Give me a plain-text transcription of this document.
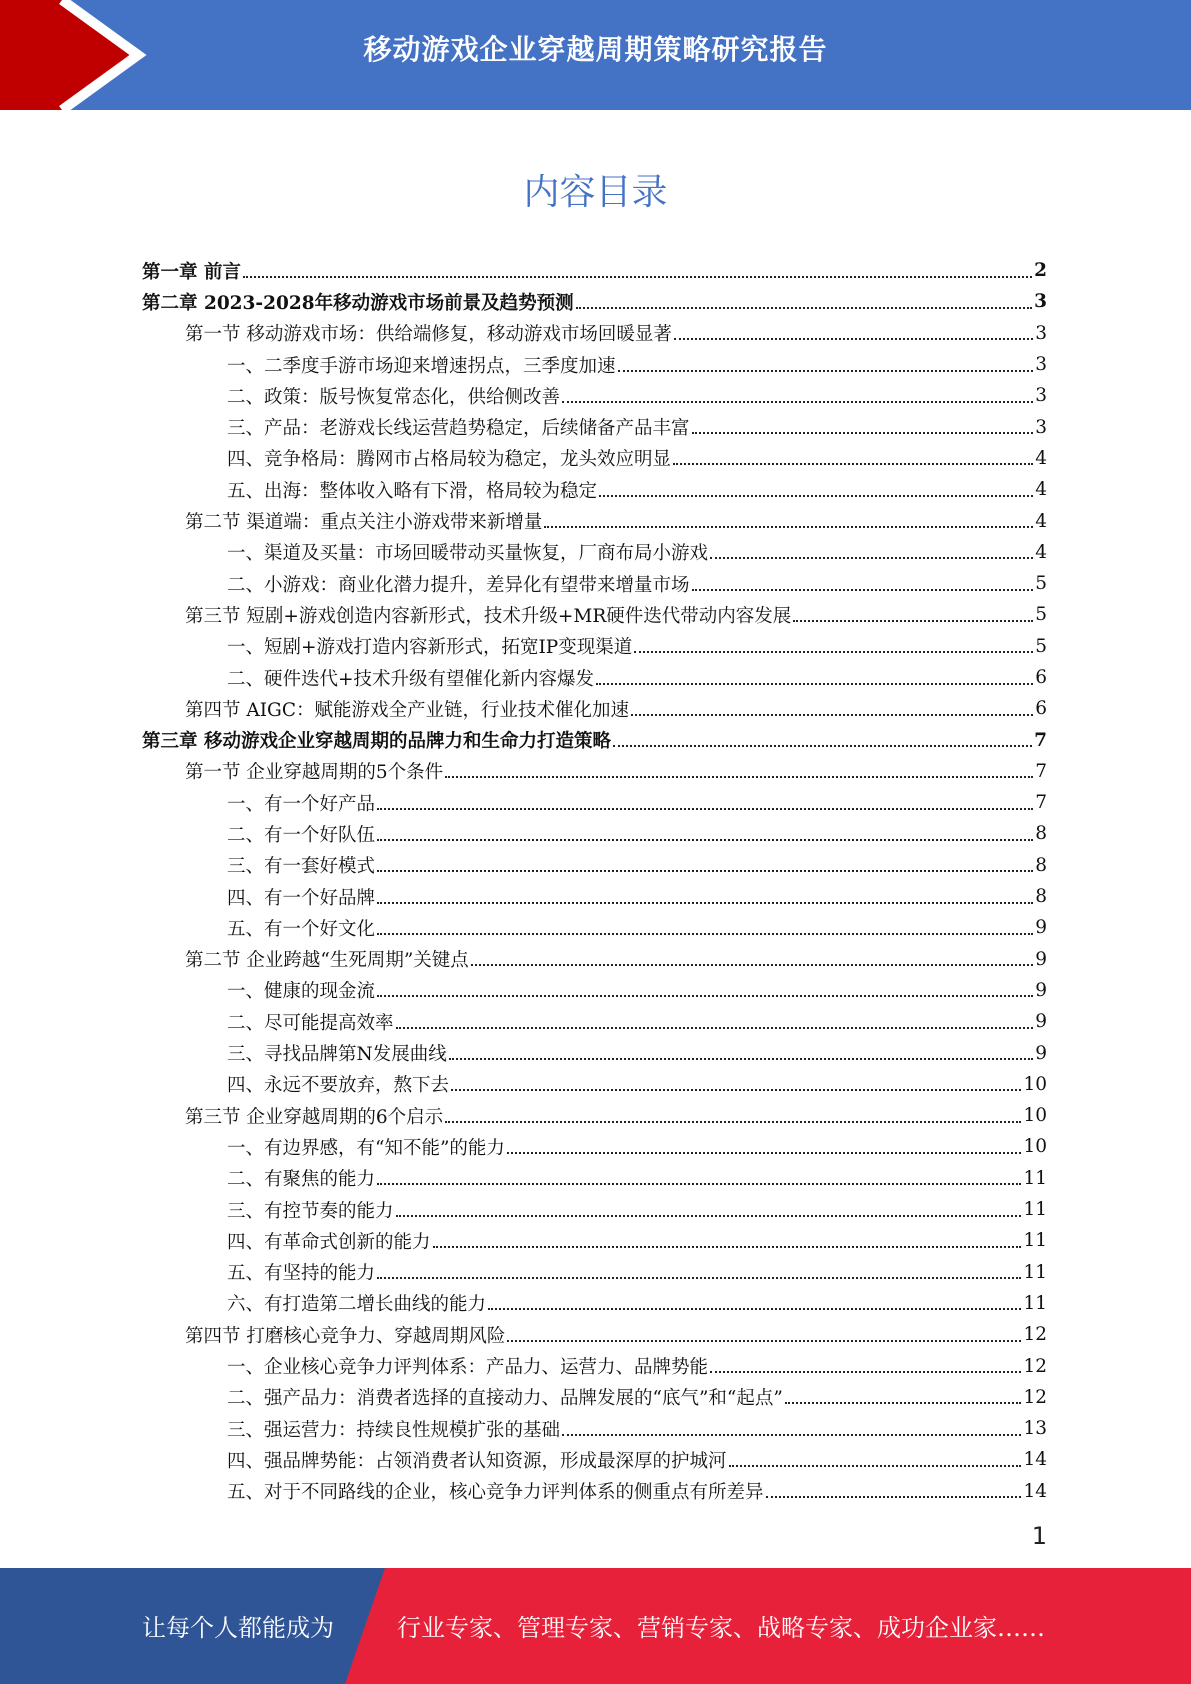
移动游戏企业穿越周期策略研究报告
内容目录
第一章 前言	2
第二章 2023-2028年移动游戏市场前景及趋势预测	3
第一节 移动游戏市场：供给端修复，移动游戏市场回暖显著	3
一、二季度手游市场迎来增速拐点，三季度加速	3
二、政策：版号恢复常态化，供给侧改善	3
三、产品：老游戏长线运营趋势稳定，后续储备产品丰富	3
四、竞争格局：腾网市占格局较为稳定，龙头效应明显	4
五、出海：整体收入略有下滑，格局较为稳定	4
第二节 渠道端：重点关注小游戏带来新增量	4
一、渠道及买量：市场回暖带动买量恢复，厂商布局小游戏	4
二、小游戏：商业化潜力提升，差异化有望带来增量市场	5
第三节 短剧+游戏创造内容新形式，技术升级+MR硬件迭代带动内容发展	5
一、短剧+游戏打造内容新形式，拓宽IP变现渠道	5
二、硬件迭代+技术升级有望催化新内容爆发	6
第四节 AIGC：赋能游戏全产业链，行业技术催化加速	6
第三章 移动游戏企业穿越周期的品牌力和生命力打造策略	7
第一节 企业穿越周期的5个条件	7
一、有一个好产品	7
二、有一个好队伍	8
三、有一套好模式	8
四、有一个好品牌	8
五、有一个好文化	9
第二节 企业跨越“生死周期”关键点	9
一、健康的现金流	9
二、尽可能提高效率	9
三、寻找品牌第N发展曲线	9
四、永远不要放弃，熬下去	10
第三节 企业穿越周期的6个启示	10
一、有边界感，有“知不能”的能力	10
二、有聚焦的能力	11
三、有控节奏的能力	11
四、有革命式创新的能力	11
五、有坚持的能力	11
六、有打造第二增长曲线的能力	11
第四节 打磨核心竞争力、穿越周期风险	12
一、企业核心竞争力评判体系：产品力、运营力、品牌势能	12
二、强产品力：消费者选择的直接动力、品牌发展的“底气”和“起点”	12
三、强运营力：持续良性规模扩张的基础	13
四、强品牌势能：占领消费者认知资源，形成最深厚的护城河	14
五、对于不同路线的企业，核心竞争力评判体系的侧重点有所差异	14
1
让每个人都能成为	行业专家、管理专家、营销专家、战略专家、成功企业家……
